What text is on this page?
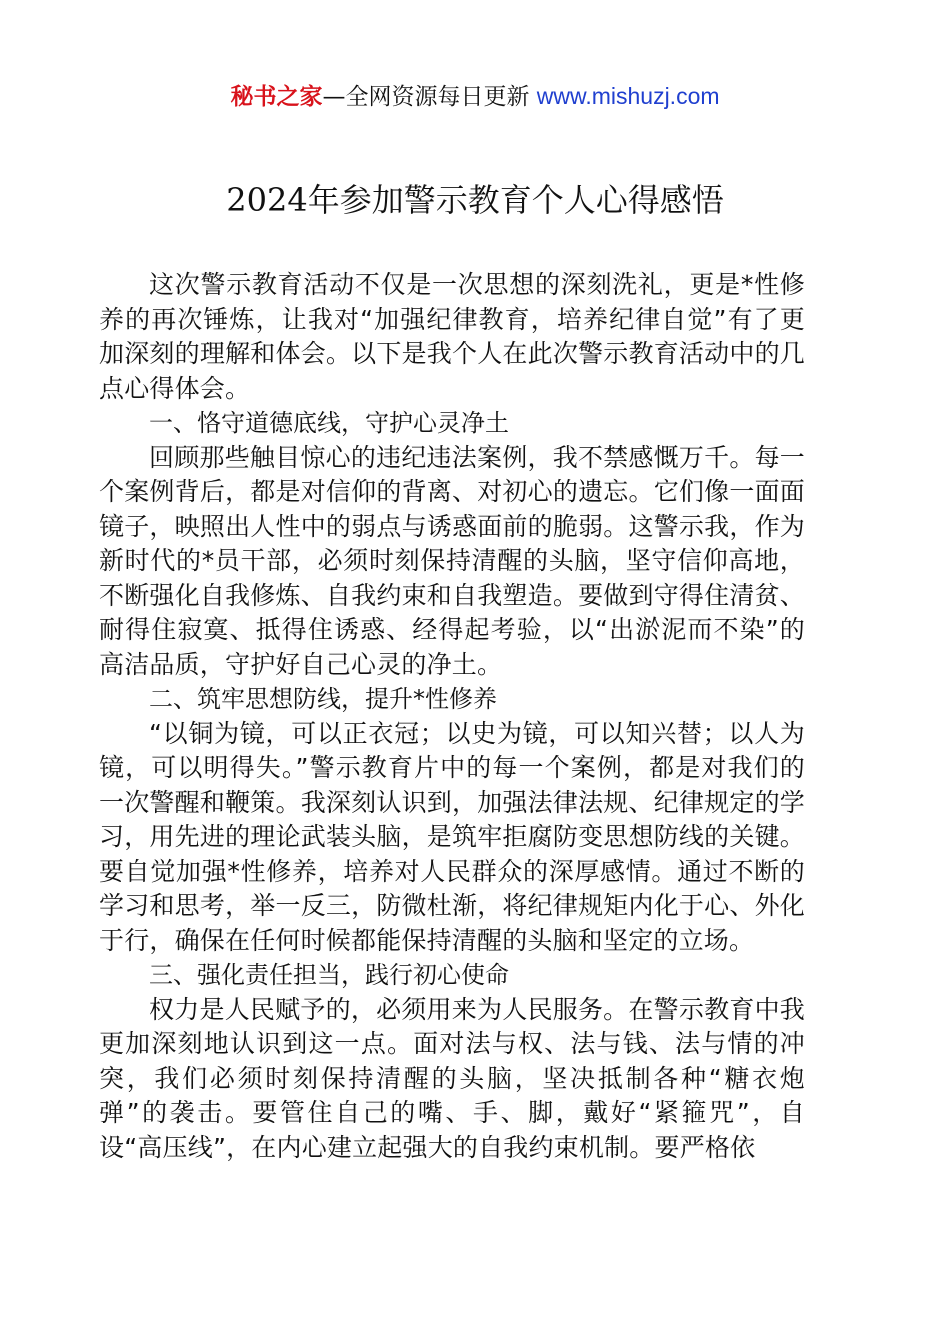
秘书之家—全网资源每日更新 www.mishuzj.com
2024年参加警示教育个人心得感悟

这次警示教育活动不仅是一次思想的深刻洗礼，更是*性修养的再次锤炼，让我对“加强纪律教育，培养纪律自觉”有了更加深刻的理解和体会。以下是我个人在此次警示教育活动中的几点心得体会。

一、恪守道德底线，守护心灵净土

回顾那些触目惊心的违纪违法案例，我不禁感慨万千。每一个案例背后，都是对信仰的背离、对初心的遗忘。它们像一面面镜子，映照出人性中的弱点与诱惑面前的脆弱。这警示我，作为新时代的*员干部，必须时刻保持清醒的头脑，坚守信仰高地，不断强化自我修炼、自我约束和自我塑造。要做到守得住清贫、耐得住寂寞、抵得住诱惑、经得起考验，以“出淤泥而不染”的高洁品质，守护好自己心灵的净土。

二、筑牢思想防线，提升*性修养

“以铜为镜，可以正衣冠；以史为镜，可以知兴替；以人为镜，可以明得失。”警示教育片中的每一个案例，都是对我们的一次警醒和鞭策。我深刻认识到，加强法律法规、纪律规定的学习，用先进的理论武装头脑，是筑牢拒腐防变思想防线的关键。要自觉加强*性修养，培养对人民群众的深厚感情。通过不断的学习和思考，举一反三，防微杜渐，将纪律规矩内化于心、外化于行，确保在任何时候都能保持清醒的头脑和坚定的立场。

三、强化责任担当，践行初心使命

权力是人民赋予的，必须用来为人民服务。在警示教育中我更加深刻地认识到这一点。面对法与权、法与钱、法与情的冲突，我们必须时刻保持清醒的头脑，坚决抵制各种“糖衣炮弹”的袭击。要管住自己的嘴、手、脚，戴好“紧箍咒”，自设“高压线”，在内心建立起强大的自我约束机制。要严格依
